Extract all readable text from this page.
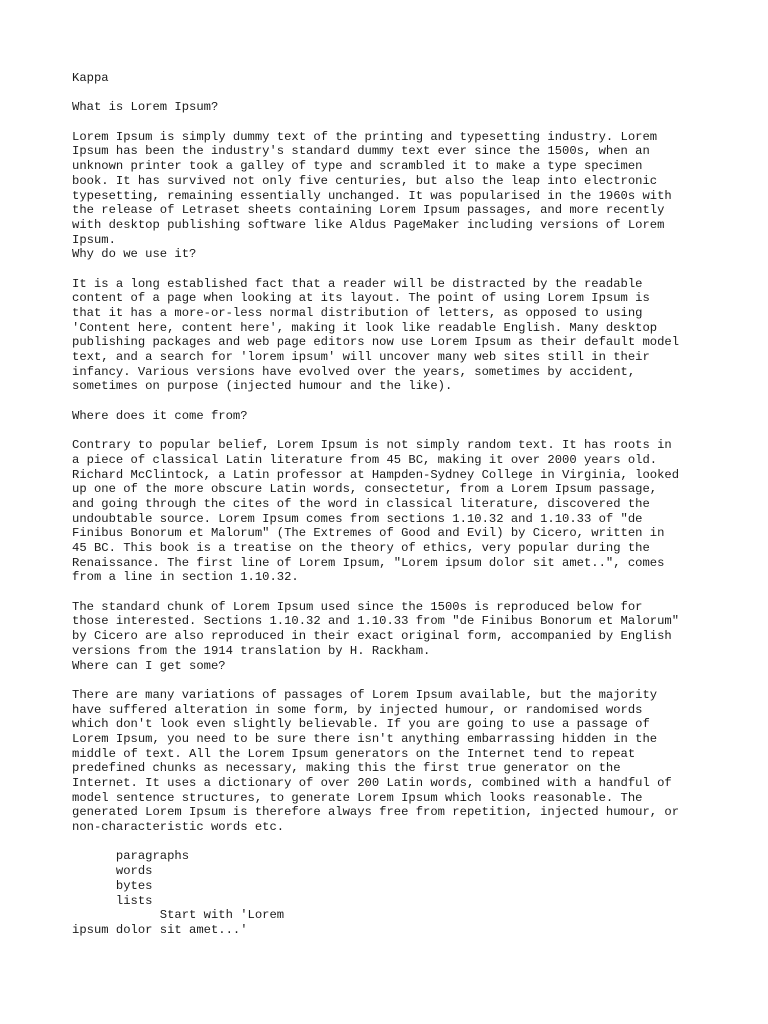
Kappa
What is Lorem Ipsum?
Lorem Ipsum is simply dummy text of the printing and typesetting industry. Lorem
Ipsum has been the industry's standard dummy text ever since the 1500s, when an
unknown printer took a galley of type and scrambled it to make a type specimen
book. It has survived not only five centuries, but also the leap into electronic
typesetting, remaining essentially unchanged. It was popularised in the 1960s with
the release of Letraset sheets containing Lorem Ipsum passages, and more recently
with desktop publishing software like Aldus PageMaker including versions of Lorem
Ipsum.
Why do we use it?
It is a long established fact that a reader will be distracted by the readable
content of a page when looking at its layout. The point of using Lorem Ipsum is
that it has a more-or-less normal distribution of letters, as opposed to using
'Content here, content here', making it look like readable English. Many desktop
publishing packages and web page editors now use Lorem Ipsum as their default model
text, and a search for 'lorem ipsum' will uncover many web sites still in their
infancy. Various versions have evolved over the years, sometimes by accident,
sometimes on purpose (injected humour and the like).
Where does it come from?
Contrary to popular belief, Lorem Ipsum is not simply random text. It has roots in
a piece of classical Latin literature from 45 BC, making it over 2000 years old.
Richard McClintock, a Latin professor at Hampden-Sydney College in Virginia, looked
up one of the more obscure Latin words, consectetur, from a Lorem Ipsum passage,
and going through the cites of the word in classical literature, discovered the
undoubtable source. Lorem Ipsum comes from sections 1.10.32 and 1.10.33 of "de
Finibus Bonorum et Malorum" (The Extremes of Good and Evil) by Cicero, written in
45 BC. This book is a treatise on the theory of ethics, very popular during the
Renaissance. The first line of Lorem Ipsum, "Lorem ipsum dolor sit amet..", comes
from a line in section 1.10.32.
The standard chunk of Lorem Ipsum used since the 1500s is reproduced below for
those interested. Sections 1.10.32 and 1.10.33 from "de Finibus Bonorum et Malorum"
by Cicero are also reproduced in their exact original form, accompanied by English
versions from the 1914 translation by H. Rackham.
Where can I get some?
There are many variations of passages of Lorem Ipsum available, but the majority
have suffered alteration in some form, by injected humour, or randomised words
which don't look even slightly believable. If you are going to use a passage of
Lorem Ipsum, you need to be sure there isn't anything embarrassing hidden in the
middle of text. All the Lorem Ipsum generators on the Internet tend to repeat
predefined chunks as necessary, making this the first true generator on the
Internet. It uses a dictionary of over 200 Latin words, combined with a handful of
model sentence structures, to generate Lorem Ipsum which looks reasonable. The
generated Lorem Ipsum is therefore always free from repetition, injected humour, or
non-characteristic words etc.
paragraphs
words
bytes
lists
Start with 'Lorem
ipsum dolor sit amet...'
